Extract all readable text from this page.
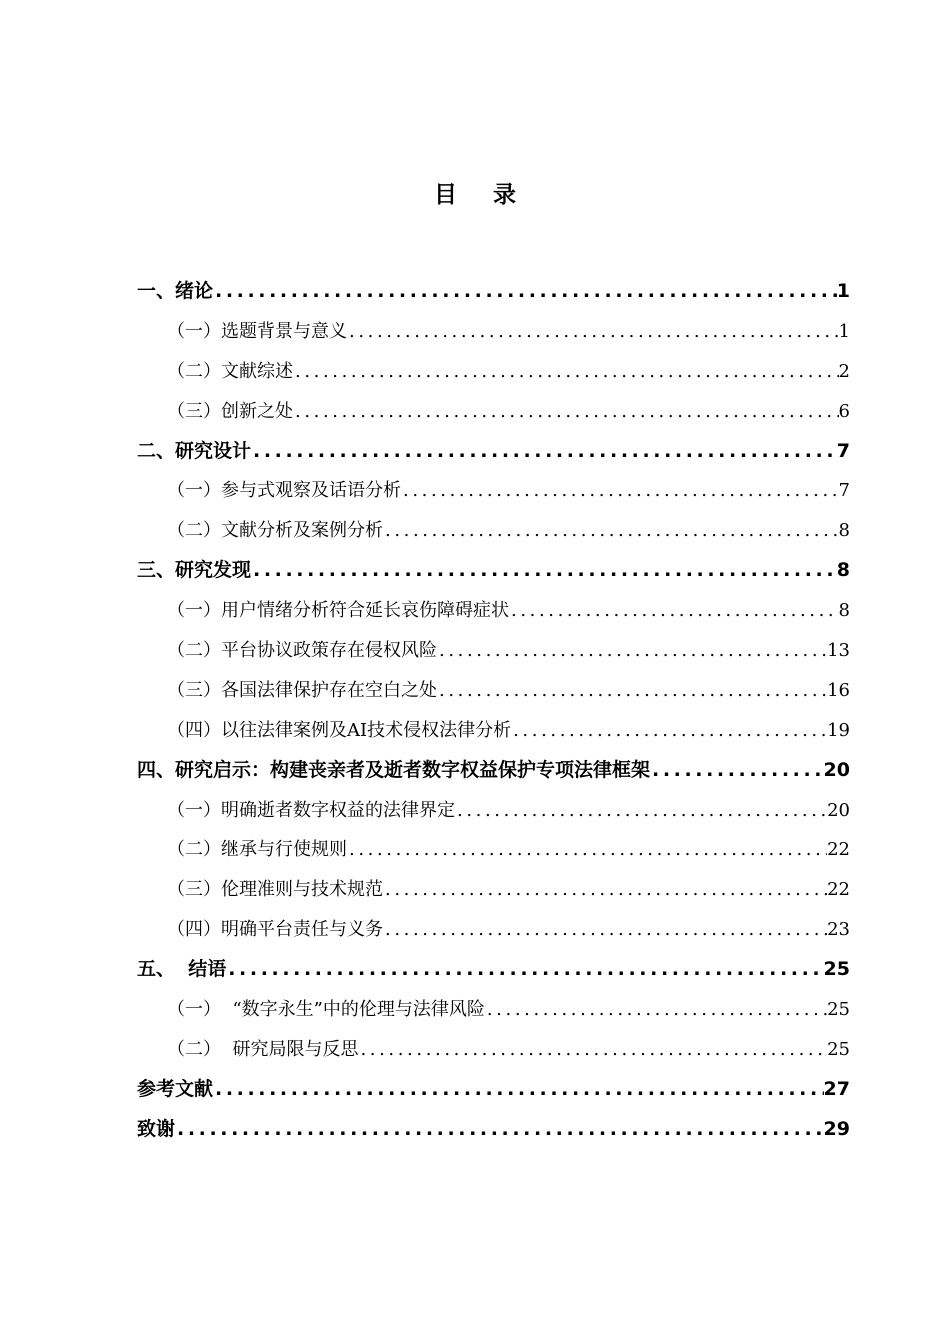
目 录
一、绪论 .....	1
（一）选题背景与意义 .....	1
（二）文献综述 .....	2
（三）创新之处 .....	6
二、研究设计 .....	7
（一）参与式观察及话语分析 .....	7
（二）文献分析及案例分析 .....	8
三、研究发现 .....	8
（一）用户情绪分析符合延长哀伤障碍症状 .....	8
（二）平台协议政策存在侵权风险 .....	13
（三）各国法律保护存在空白之处 .....	16
（四）以往法律案例及AI技术侵权法律分析 .....	19
四、研究启示：构建丧亲者及逝者数字权益保护专项法律框架 .....	20
（一）明确逝者数字权益的法律界定 .....	20
（二）继承与行使规则 .....	22
（三）伦理准则与技术规范 .....	22
（四）明确平台责任与义务 .....	23
五、  结语 .....	25
（一）  “数字永生”中的伦理与法律风险 .....	25
（二）  研究局限与反思 .....	25
参考文献 .....	27
致谢 .....	29
